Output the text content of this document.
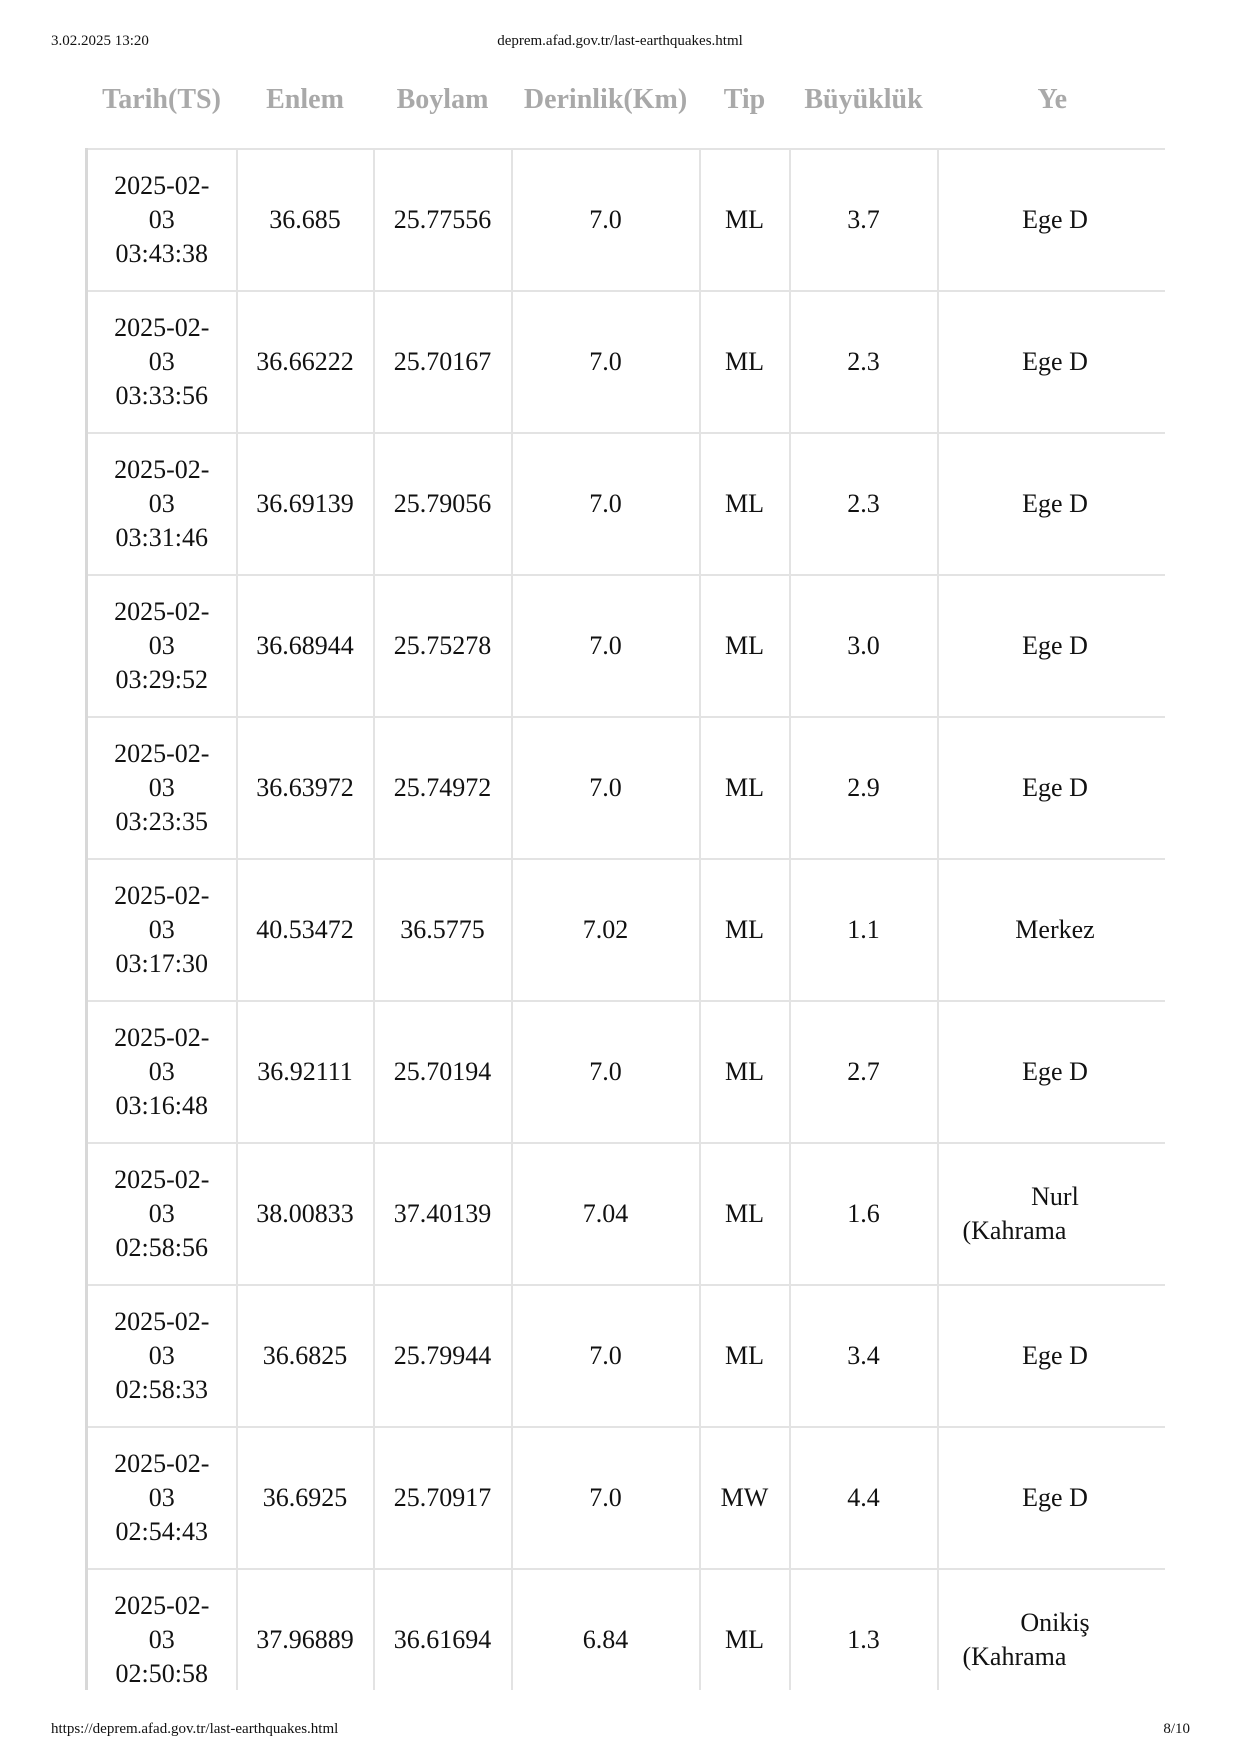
3.02.2025 13:20	deprem.afad.gov.tr/last-earthquakes.html
Tarih(TS)	Enlem	Boylam	Derinlik(Km)	Tip	Büyüklük	Ye

2025-02-
03
03:43:38	36.685	25.77556	7.0	ML	3.7	Ege D

2025-02-
03
03:33:56	36.66222	25.70167	7.0	ML	2.3	Ege D

2025-02-
03
03:31:46	36.69139	25.79056	7.0	ML	2.3	Ege D

2025-02-
03
03:29:52	36.68944	25.75278	7.0	ML	3.0	Ege D

2025-02-
03
03:23:35	36.63972	25.74972	7.0	ML	2.9	Ege D

2025-02-
03
03:17:30	40.53472	36.5775	7.02	ML	1.1	Merkez

2025-02-
03
03:16:48	36.92111	25.70194	7.0	ML	2.7	Ege D

2025-02-
03
02:58:56	38.00833	37.40139	7.04	ML	1.6	Nurl
(Kahrama

2025-02-
03
02:58:33	36.6825	25.79944	7.0	ML	3.4	Ege D

2025-02-
03
02:54:43	36.6925	25.70917	7.0	MW	4.4	Ege D

2025-02-
03
02:50:58	37.96889	36.61694	6.84	ML	1.3	Onikiş
(Kahrama
https://deprem.afad.gov.tr/last-earthquakes.html	8/10
